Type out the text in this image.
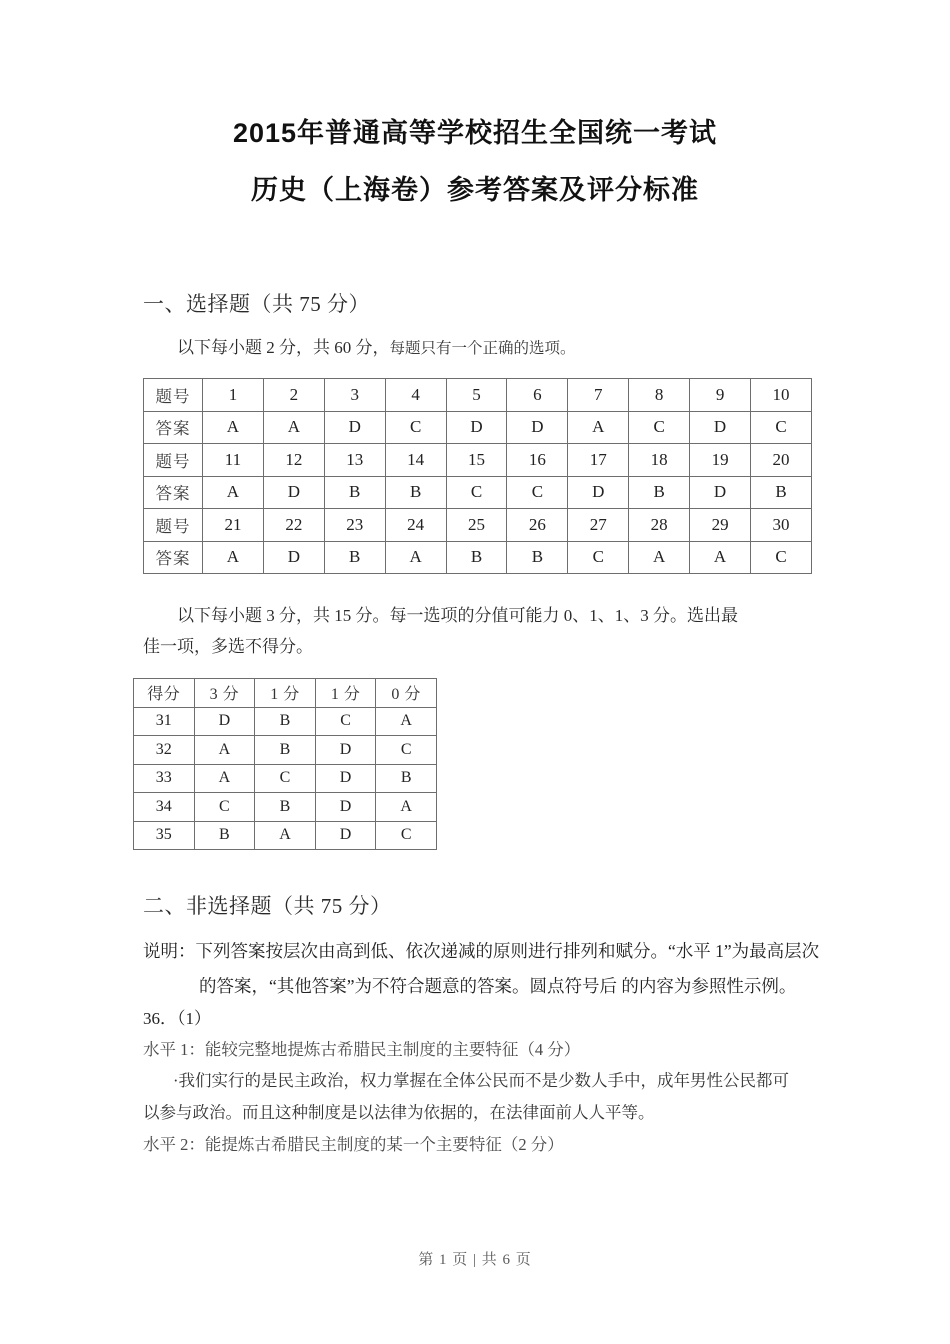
2015年普通高等学校招生全国统一考试
历史（上海卷）参考答案及评分标准
一、选择题（共 75 分）
以下每小题 2 分，共 60 分，每题只有一个正确的选项。
题号	1	2	3	4	5	6	7	8	9	10
答案	A	A	D	C	D	D	A	C	D	C
题号	11	12	13	14	15	16	17	18	19	20
答案	A	D	B	B	C	C	D	B	D	B
题号	21	22	23	24	25	26	27	28	29	30
答案	A	D	B	A	B	B	C	A	A	C
以下每小题 3 分，共 15 分。每一选项的分值可能力 0、1、1、3 分。选出最
佳一项，多选不得分。
得分	3 分	1 分	1 分	0 分
31	D	B	C	A
32	A	B	D	C
33	A	C	D	B
34	C	B	D	A
35	B	A	D	C
二、非选择题（共 75 分）
说明：下列答案按层次由高到低、依次递减的原则进行排列和赋分。“水平 1”为最高层次的答案，“其他答案”为不符合题意的答案。圆点符号后 的内容为参照性示例。
36．（1）
水平 1：能较完整地提炼古希腊民主制度的主要特征（4 分）
·我们实行的是民主政治，权力掌握在全体公民而不是少数人手中，成年男性公民都可
以参与政治。而且这种制度是以法律为依据的，在法律面前人人平等。
水平 2：能提炼古希腊民主制度的某一个主要特征（2 分）
第 1 页 | 共 6 页
